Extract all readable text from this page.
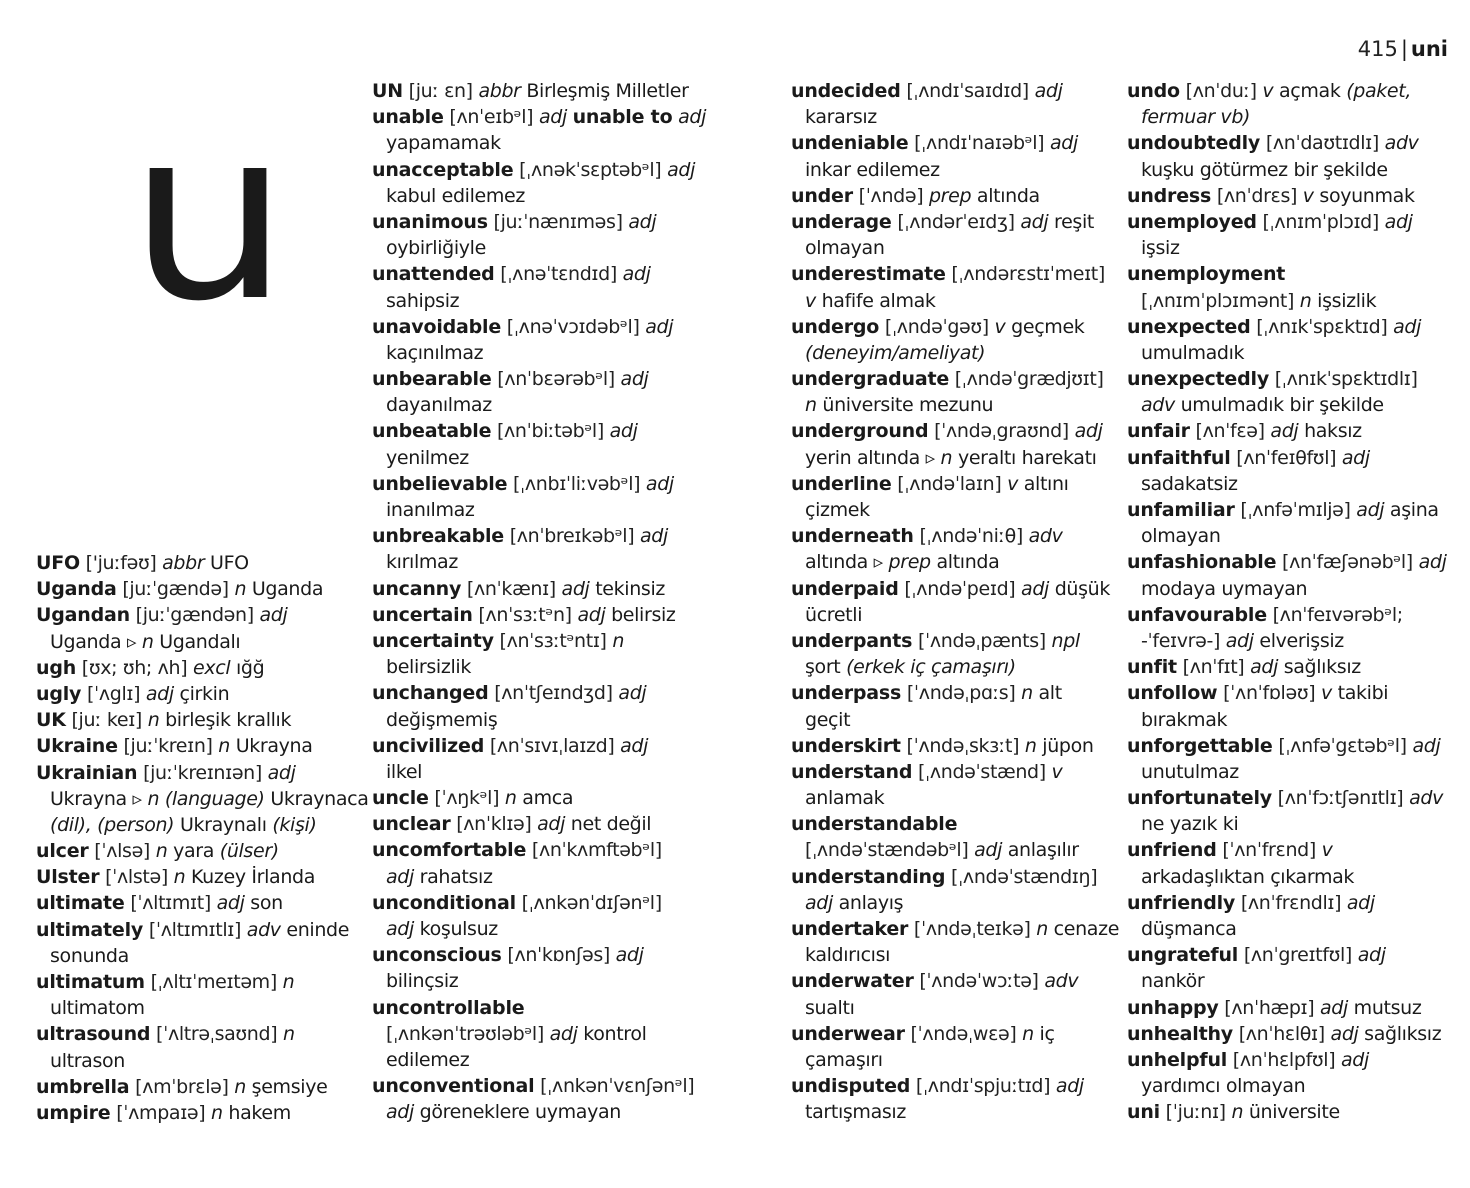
415 | uni
u
UFO ['juːfəʊ] abbr UFO
Uganda [juːˈgændə] n Uganda
Ugandan [juːˈgændən] adj
Uganda ▹ n Ugandalı
ugh [ʊx; ʊh; ʌh] excl ığğ
ugly [ˈʌglɪ] adj çirkin
UK [juː keɪ] n birleşik krallık
Ukraine [juːˈkreɪn] n Ukrayna
Ukrainian [juːˈkreɪnɪən] adj
Ukrayna ▹ n (language) Ukraynaca
(dil), (person) Ukraynalı (kişi)
ulcer [ˈʌlsə] n yara (ülser)
Ulster [ˈʌlstə] n Kuzey İrlanda
ultimate [ˈʌltɪmɪt] adj son
ultimately [ˈʌltɪmɪtlɪ] adv eninde
sonunda
ultimatum [ˌʌltɪˈmeɪtəm] n
ultimatom
ultrasound [ˈʌltrəˌsaʊnd] n
ultrason
umbrella [ʌmˈbrɛlə] n şemsiye
umpire [ˈʌmpaɪə] n hakem
UN [juː ɛn] abbr Birleşmiş Milletler
unable [ʌnˈeɪbᵊl] adj unable to adj
yapamamak
unacceptable [ˌʌnəkˈsɛptəbᵊl] adj
kabul edilemez
unanimous [juːˈnænɪməs] adj
oybirliğiyle
unattended [ˌʌnəˈtɛndɪd] adj
sahipsiz
unavoidable [ˌʌnəˈvɔɪdəbᵊl] adj
kaçınılmaz
unbearable [ʌnˈbɛərəbᵊl] adj
dayanılmaz
unbeatable [ʌnˈbiːtəbᵊl] adj
yenilmez
unbelievable [ˌʌnbɪˈliːvəbᵊl] adj
inanılmaz
unbreakable [ʌnˈbreɪkəbᵊl] adj
kırılmaz
uncanny [ʌnˈkænɪ] adj tekinsiz
uncertain [ʌnˈsɜːtᵊn] adj belirsiz
uncertainty [ʌnˈsɜːtᵊntɪ] n
belirsizlik
unchanged [ʌnˈtʃeɪndʒd] adj
değişmemiş
uncivilized [ʌnˈsɪvɪˌlaɪzd] adj
ilkel
uncle [ˈʌŋkᵊl] n amca
unclear [ʌnˈklɪə] adj net değil
uncomfortable [ʌnˈkʌmftəbᵊl]
adj rahatsız
unconditional [ˌʌnkənˈdɪʃənᵊl]
adj koşulsuz
unconscious [ʌnˈkɒnʃəs] adj
bilinçsiz
uncontrollable
[ˌʌnkənˈtrəʊləbᵊl] adj kontrol
edilemez
unconventional [ˌʌnkənˈvɛnʃənᵊl]
adj göreneklere uymayan
undecided [ˌʌndɪˈsaɪdɪd] adj
kararsız
undeniable [ˌʌndɪˈnaɪəbᵊl] adj
inkar edilemez
under [ˈʌndə] prep altında
underage [ˌʌndərˈeɪdʒ] adj reşit
olmayan
underestimate [ˌʌndərɛstɪˈmeɪt]
v hafife almak
undergo [ˌʌndəˈgəʊ] v geçmek
(deneyim/ameliyat)
undergraduate [ˌʌndəˈgrædjʊɪt]
n üniversite mezunu
underground [ˈʌndəˌgraʊnd] adj
yerin altında ▹ n yeraltı harekatı
underline [ˌʌndəˈlaɪn] v altını
çizmek
underneath [ˌʌndəˈniːθ] adv
altında ▹ prep altında
underpaid [ˌʌndəˈpeɪd] adj düşük
ücretli
underpants [ˈʌndəˌpænts] npl
şort (erkek iç çamaşırı)
underpass [ˈʌndəˌpɑːs] n alt
geçit
underskirt [ˈʌndəˌskɜːt] n jüpon
understand [ˌʌndəˈstænd] v
anlamak
understandable
[ˌʌndəˈstændəbᵊl] adj anlaşılır
understanding [ˌʌndəˈstændɪŋ]
adj anlayış
undertaker [ˈʌndəˌteɪkə] n cenaze
kaldırıcısı
underwater [ˈʌndəˈwɔːtə] adv
sualtı
underwear [ˈʌndəˌwɛə] n iç
çamaşırı
undisputed [ˌʌndɪˈspjuːtɪd] adj
tartışmasız
undo [ʌnˈduː] v açmak (paket,
fermuar vb)
undoubtedly [ʌnˈdaʊtɪdlɪ] adv
kuşku götürmez bir şekilde
undress [ʌnˈdrɛs] v soyunmak
unemployed [ˌʌnɪmˈplɔɪd] adj
işsiz
unemployment
[ˌʌnɪmˈplɔɪmənt] n işsizlik
unexpected [ˌʌnɪkˈspɛktɪd] adj
umulmadık
unexpectedly [ˌʌnɪkˈspɛktɪdlɪ]
adv umulmadık bir şekilde
unfair [ʌnˈfɛə] adj haksız
unfaithful [ʌnˈfeɪθfʊl] adj
sadakatsiz
unfamiliar [ˌʌnfəˈmɪljə] adj aşina
olmayan
unfashionable [ʌnˈfæʃənəbᵊl] adj
modaya uymayan
unfavourable [ʌnˈfeɪvərəbᵊl;
-ˈfeɪvrə-] adj elverişsiz
unfit [ʌnˈfɪt] adj sağlıksız
unfollow [ˈʌnˈfɒləʊ] v takibi
bırakmak
unforgettable [ˌʌnfəˈgɛtəbᵊl] adj
unutulmaz
unfortunately [ʌnˈfɔːtʃənɪtlɪ] adv
ne yazık ki
unfriend [ˈʌnˈfrɛnd] v
arkadaşlıktan çıkarmak
unfriendly [ʌnˈfrɛndlɪ] adj
düşmanca
ungrateful [ʌnˈgreɪtfʊl] adj
nankör
unhappy [ʌnˈhæpɪ] adj mutsuz
unhealthy [ʌnˈhɛlθɪ] adj sağlıksız
unhelpful [ʌnˈhɛlpfʊl] adj
yardımcı olmayan
uni [ˈjuːnɪ] n üniversite
